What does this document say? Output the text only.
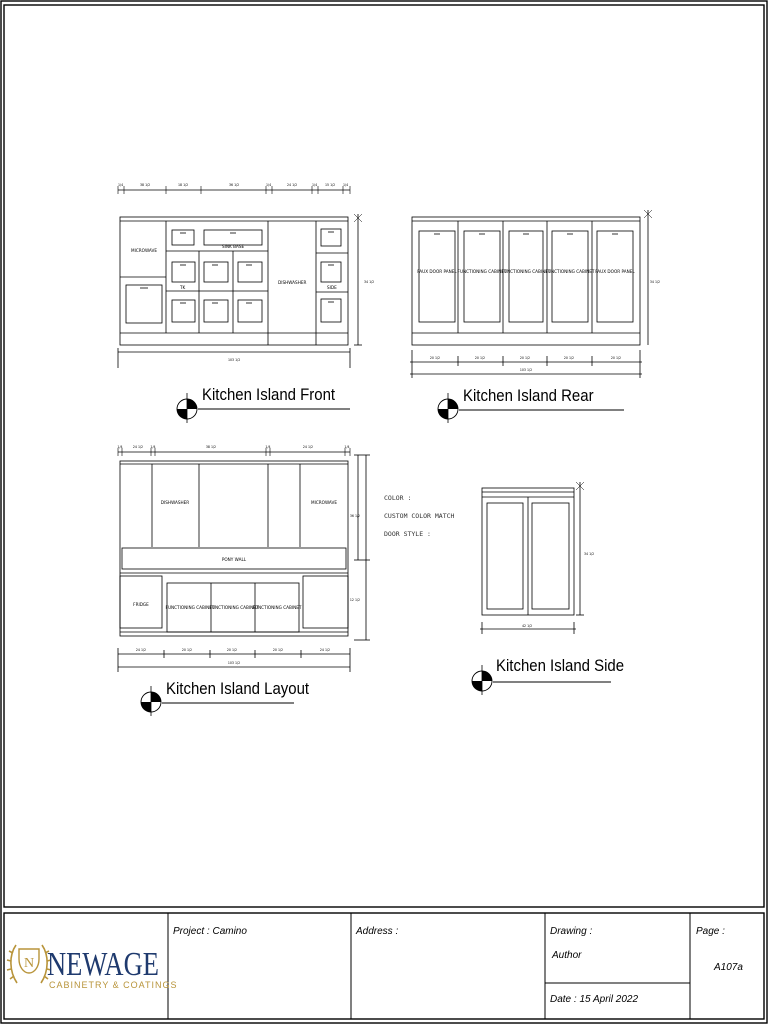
MICROWAVE
SINK BASE
TK
DISHWASHER
SIDE
1/4	38 1/2	18 1/2	36 1/2	1/4	24 1/2	1/4 15 1/2 1/4
103 1/2
34 1/2
FAUX DOOR PANEL FUNCTIONING CABINET
FUNCTIONING CABINET
FUNCTIONING CABINET FAUX DOOR PANEL
20 1/2	20 1/2	20 1/2	20 1/2	20 1/2
103 1/2
34 1/2
DISHWASHER	MICROWAVE
PONY WALL
FRIDGE
FUNCTIONING CABINET
FUNCTIONING CABINET
FUNCTIONING CABINET
1/4	24 1/2 1/4	38 1/2	1/4	24 1/2	1/4
24 1/2	20 1/2	20 1/2	20 1/2	24 1/2
103 1/2
36 1/2
12 1/2
COLOR :
CUSTOM COLOR MATCH
DOOR STYLE :
42 1/2
34 1/2
N NEWAGE
CABINETRY & COATINGS
Kitchen Island Front	Kitchen Island Rear
Kitchen Island Layout
Kitchen Island Side
Project : Camino	Address :	Drawing :
Author
Date : 15 April 2022
Page :
A107a
